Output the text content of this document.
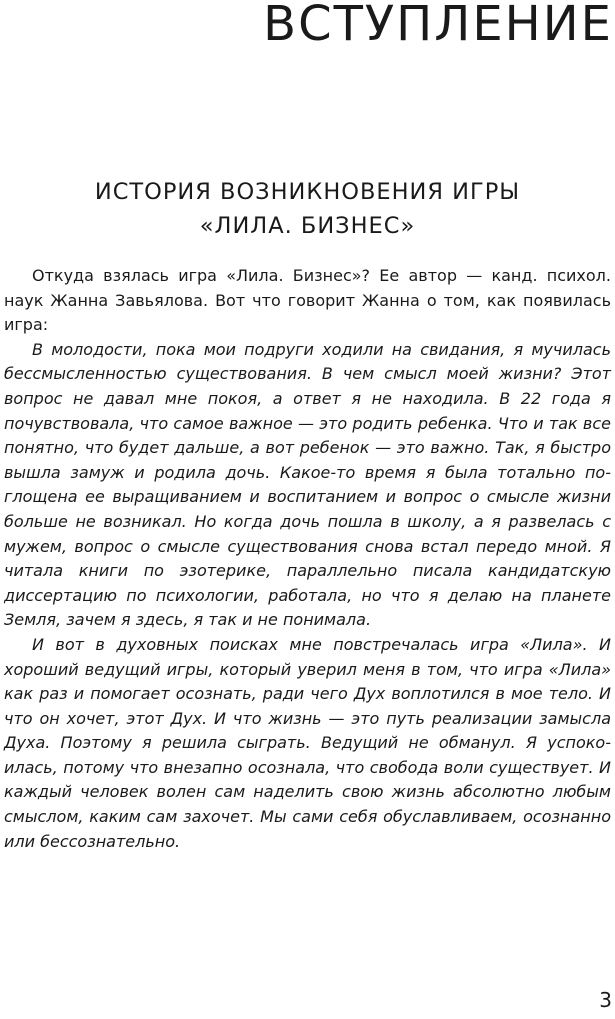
ВСТУПЛЕНИЕ
ИСТОРИЯ ВОЗНИКНОВЕНИЯ ИГРЫ
«ЛИЛА. БИЗНЕС»

Откуда взялась игра «Лила. Бизнес»? Ее автор — канд. психол. наук Жанна Завьялова. Вот что говорит Жанна о том, как появилась игра:

В молодости, пока мои подруги ходили на свидания, я мучилась бессмысленностью существования. В чем смысл моей жизни? Этот вопрос не давал мне покоя, а ответ я не находила. В 22 года я почувствовала, что самое важное — это родить ребенка. Что и так все понятно, что будет дальше, а вот ребенок — это важно. Так, я быстро вышла замуж и родила дочь. Какое-то время я была тотально поглощена ее выращиванием и воспитанием и вопрос о смысле жизни больше не возникал. Но когда дочь пошла в школу, а я развелась с мужем, вопрос о смысле существования снова встал передо мной. Я читала книги по эзотерике, параллельно писала кандидатскую диссертацию по психологии, работала, но что я делаю на планете Земля, зачем я здесь, я так и не понимала.

И вот в духовных поисках мне повстречалась игра «Лила». И хороший ведущий игры, который уверил меня в том, что игра «Лила» как раз и помогает осознать, ради чего Дух воплотился в мое тело. И что он хочет, этот Дух. И что жизнь — это путь реализации замысла Духа. Поэтому я решила сыграть. Ведущий не обманул. Я успокоилась, потому что внезапно осознала, что свобода воли существует. И каждый человек волен сам наделить свою жизнь абсолютно любым смыслом, каким сам захочет. Мы сами себя обуславливаем, осознанно или бессознательно.

3
